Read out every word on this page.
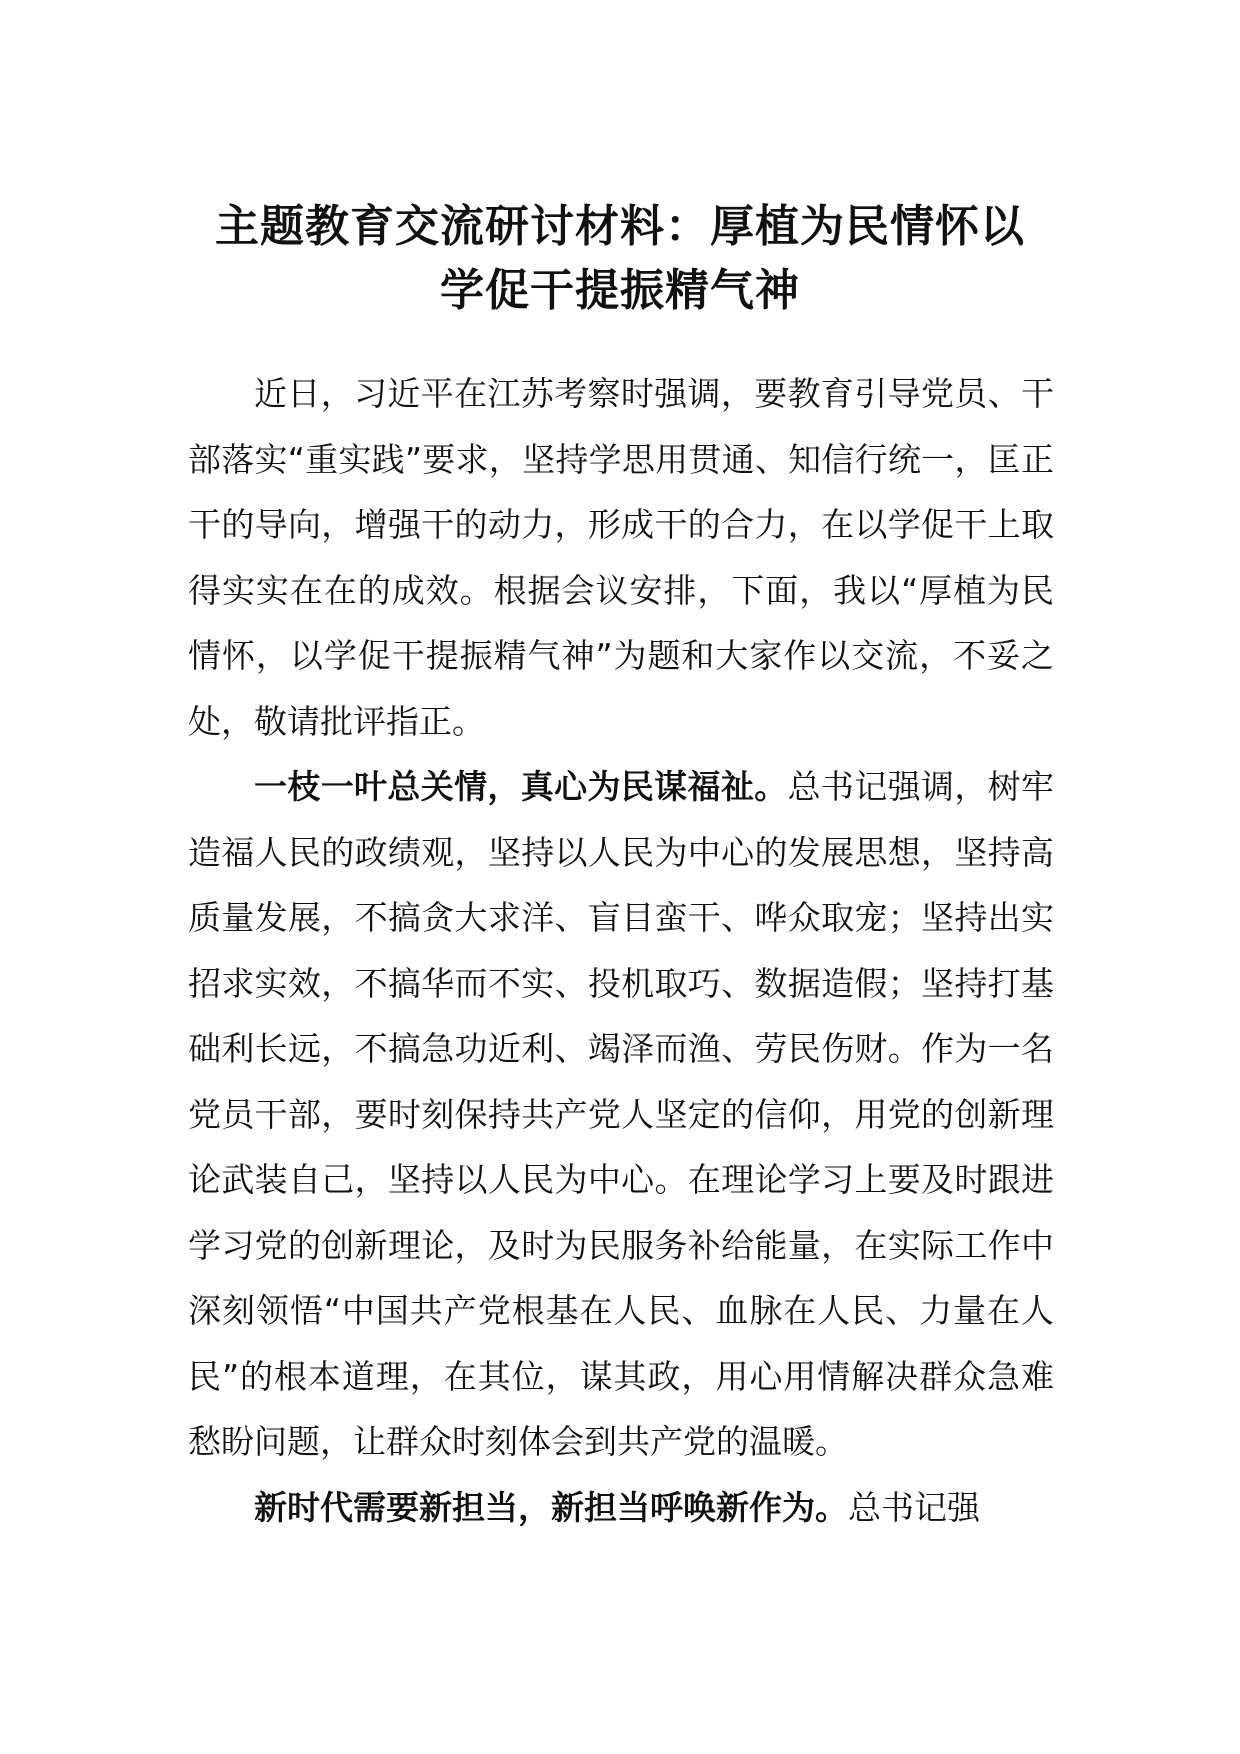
主题教育交流研讨材料：厚植为民情怀以
学促干提振精气神

近日，习近平在江苏考察时强调，要教育引导党员、干部落实“重实践”要求，坚持学思用贯通、知信行统一，匡正干的导向，增强干的动力，形成干的合力，在以学促干上取得实实在在的成效。根据会议安排，下面，我以“厚植为民情怀，以学促干提振精气神”为题和大家作以交流，不妥之处，敬请批评指正。

一枝一叶总关情，真心为民谋福祉。总书记强调，树牢造福人民的政绩观，坚持以人民为中心的发展思想，坚持高质量发展，不搞贪大求洋、盲目蛮干、哗众取宠；坚持出实招求实效，不搞华而不实、投机取巧、数据造假；坚持打基础利长远，不搞急功近利、竭泽而渔、劳民伤财。作为一名党员干部，要时刻保持共产党人坚定的信仰，用党的创新理论武装自己，坚持以人民为中心。在理论学习上要及时跟进学习党的创新理论，及时为民服务补给能量，在实际工作中深刻领悟“中国共产党根基在人民、血脉在人民、力量在人民”的根本道理，在其位，谋其政，用心用情解决群众急难愁盼问题，让群众时刻体会到共产党的温暖。

新时代需要新担当，新担当呼唤新作为。总书记强
